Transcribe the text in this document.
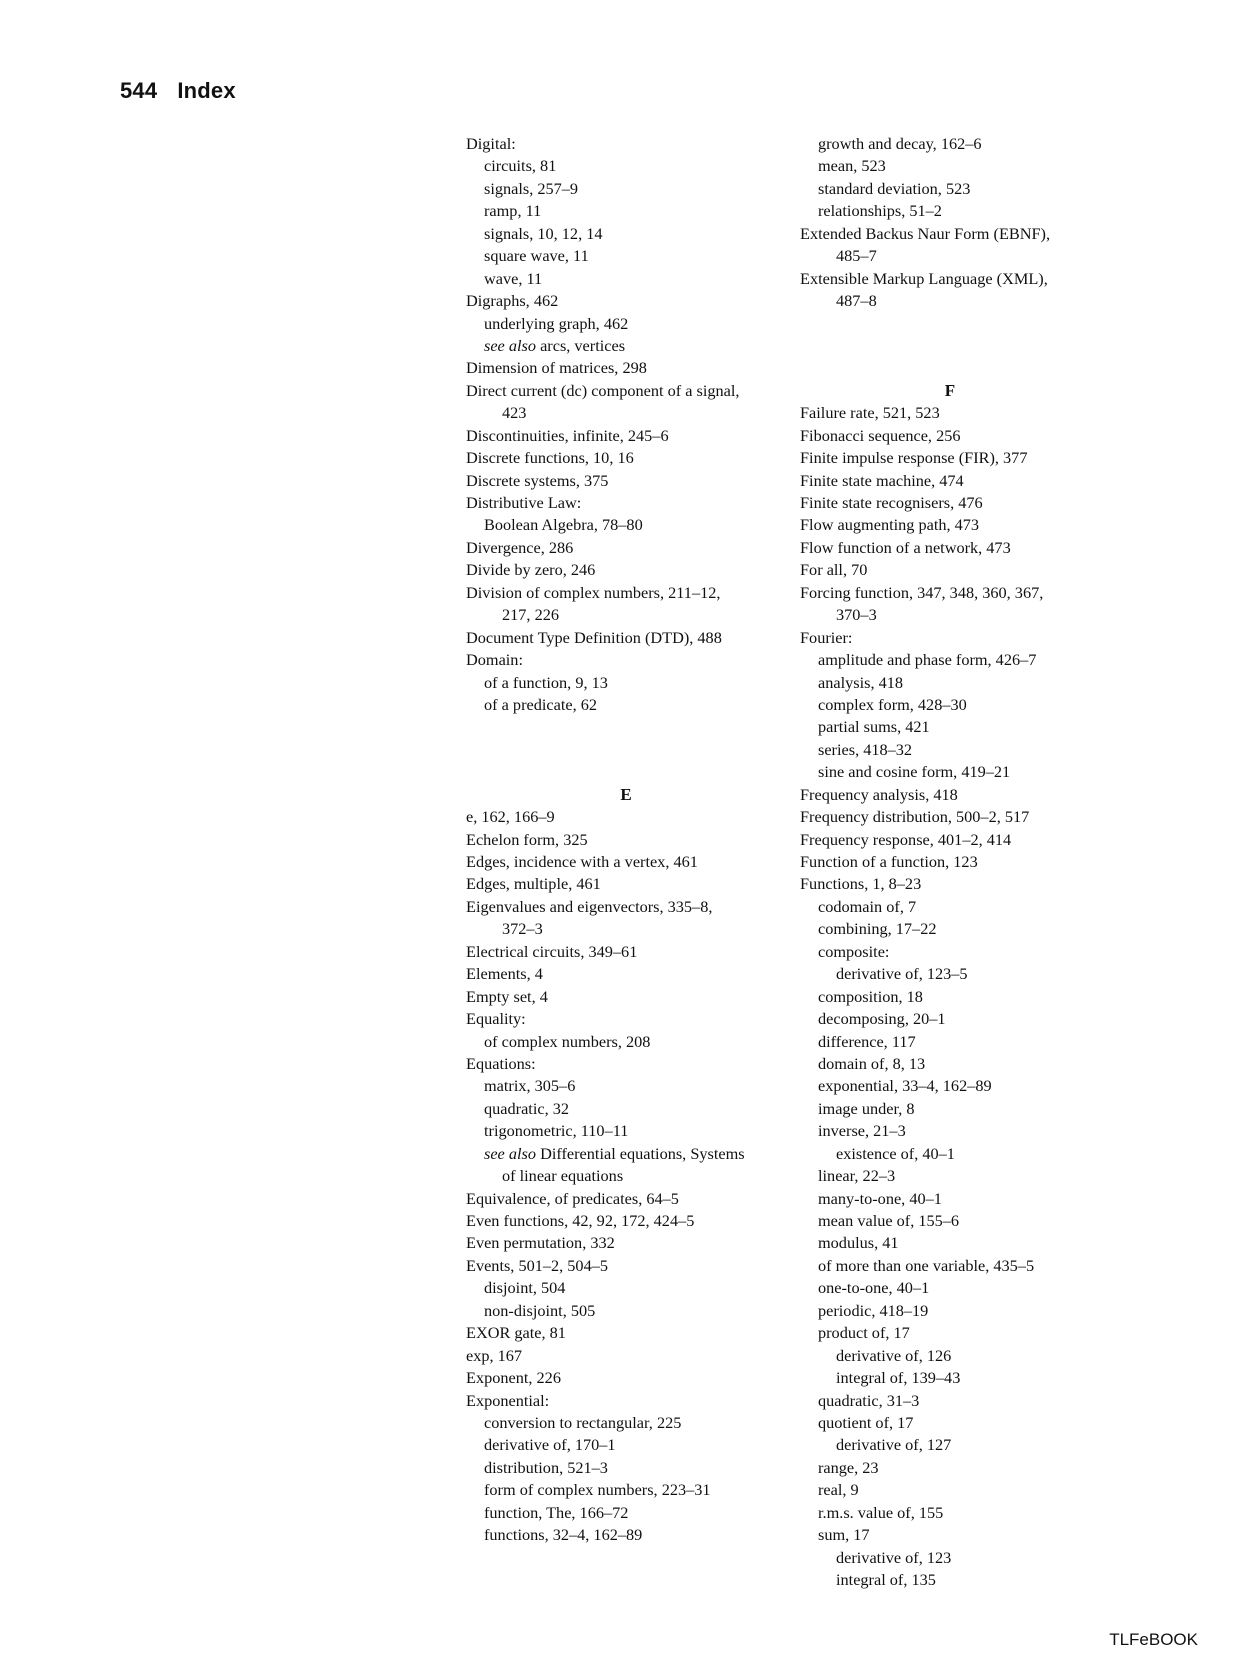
544 Index
Digital:
circuits, 81
signals, 257–9
ramp, 11
signals, 10, 12, 14
square wave, 11
wave, 11
Digraphs, 462
underlying graph, 462
see also arcs, vertices
Dimension of matrices, 298
Direct current (dc) component of a signal,
423
Discontinuities, infinite, 245–6
Discrete functions, 10, 16
Discrete systems, 375
Distributive Law:
Boolean Algebra, 78–80
Divergence, 286
Divide by zero, 246
Division of complex numbers, 211–12,
217, 226
Document Type Definition (DTD), 488
Domain:
of a function, 9, 13
of a predicate, 62
E
e, 162, 166–9
Echelon form, 325
Edges, incidence with a vertex, 461
Edges, multiple, 461
Eigenvalues and eigenvectors, 335–8,
372–3
Electrical circuits, 349–61
Elements, 4
Empty set, 4
Equality:
of complex numbers, 208
Equations:
matrix, 305–6
quadratic, 32
trigonometric, 110–11
see also Differential equations, Systems
of linear equations
Equivalence, of predicates, 64–5
Even functions, 42, 92, 172, 424–5
Even permutation, 332
Events, 501–2, 504–5
disjoint, 504
non-disjoint, 505
EXOR gate, 81
exp, 167
Exponent, 226
Exponential:
conversion to rectangular, 225
derivative of, 170–1
distribution, 521–3
form of complex numbers, 223–31
function, The, 166–72
functions, 32–4, 162–89
growth and decay, 162–6
mean, 523
standard deviation, 523
relationships, 51–2
Extended Backus Naur Form (EBNF),
485–7
Extensible Markup Language (XML),
487–8
F
Failure rate, 521, 523
Fibonacci sequence, 256
Finite impulse response (FIR), 377
Finite state machine, 474
Finite state recognisers, 476
Flow augmenting path, 473
Flow function of a network, 473
For all, 70
Forcing function, 347, 348, 360, 367,
370–3
Fourier:
amplitude and phase form, 426–7
analysis, 418
complex form, 428–30
partial sums, 421
series, 418–32
sine and cosine form, 419–21
Frequency analysis, 418
Frequency distribution, 500–2, 517
Frequency response, 401–2, 414
Function of a function, 123
Functions, 1, 8–23
codomain of, 7
combining, 17–22
composite:
derivative of, 123–5
composition, 18
decomposing, 20–1
difference, 117
domain of, 8, 13
exponential, 33–4, 162–89
image under, 8
inverse, 21–3
existence of, 40–1
linear, 22–3
many-to-one, 40–1
mean value of, 155–6
modulus, 41
of more than one variable, 435–5
one-to-one, 40–1
periodic, 418–19
product of, 17
derivative of, 126
integral of, 139–43
quadratic, 31–3
quotient of, 17
derivative of, 127
range, 23
real, 9
r.m.s. value of, 155
sum, 17
derivative of, 123
integral of, 135
TLFeBOOK
